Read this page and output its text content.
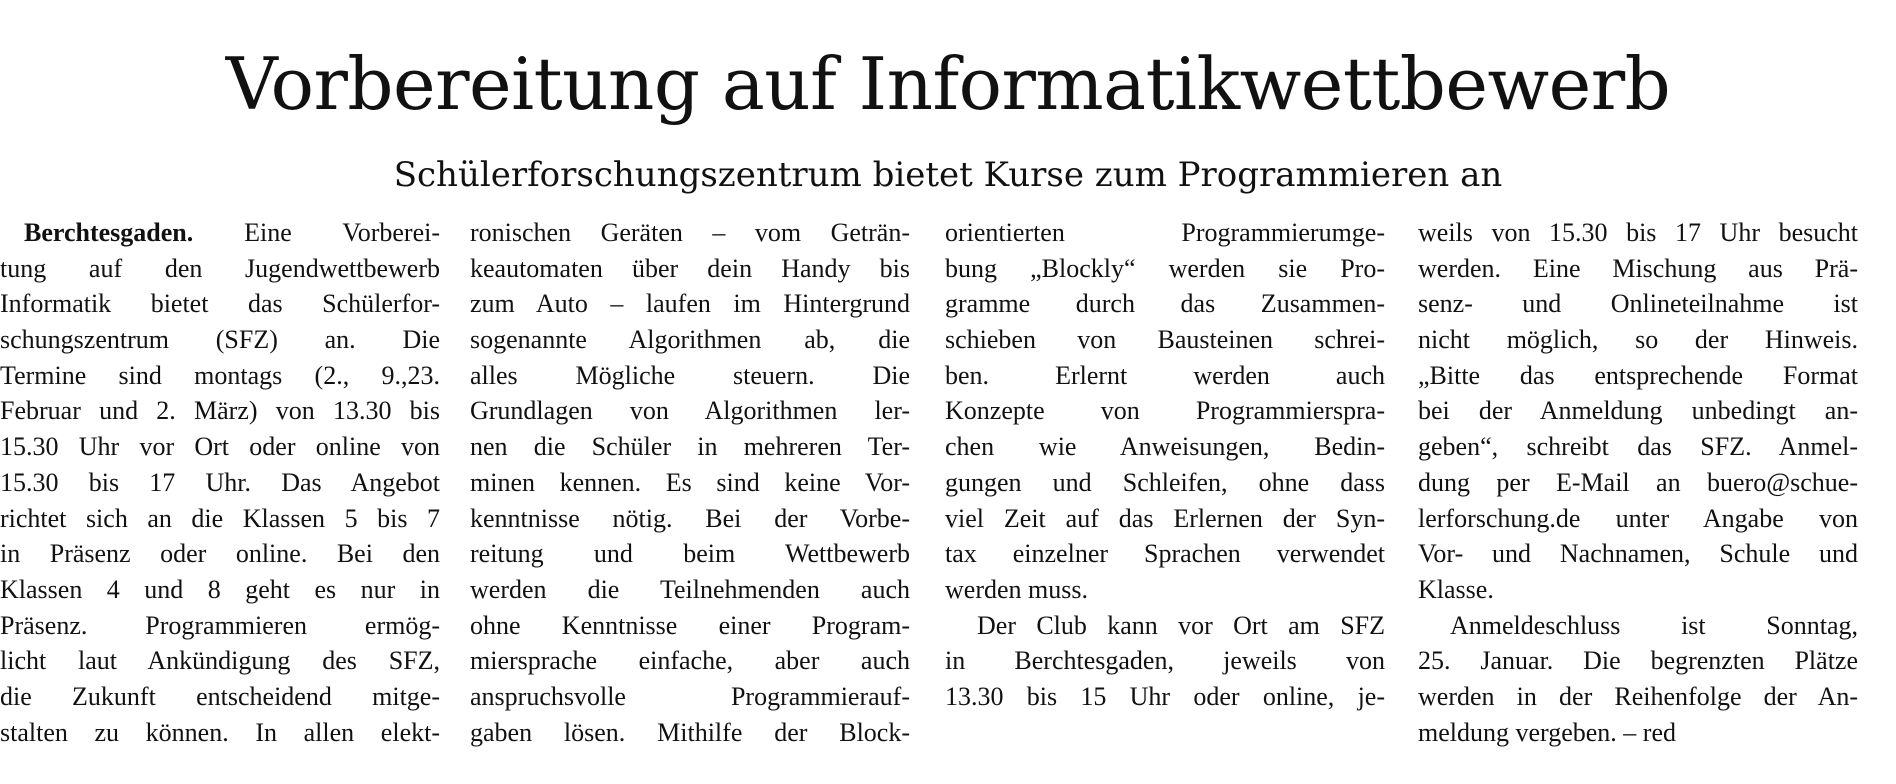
Vorbereitung auf Informatikwettbewerb
Schülerforschungszentrum bietet Kurse zum Programmieren an
Berchtesgaden. Eine Vorberei-
tung auf den Jugendwettbewerb
Informatik bietet das Schülerfor-
schungszentrum (SFZ) an. Die
Termine sind montags (2., 9.,23.
Februar und 2. März) von 13.30 bis
15.30 Uhr vor Ort oder online von
15.30 bis 17 Uhr. Das Angebot
richtet sich an die Klassen 5 bis 7
in Präsenz oder online. Bei den
Klassen 4 und 8 geht es nur in
Präsenz. Programmieren ermög-
licht laut Ankündigung des SFZ,
die Zukunft entscheidend mitge-
stalten zu können. In allen elekt-
ronischen Geräten – vom Geträn-
keautomaten über dein Handy bis
zum Auto – laufen im Hintergrund
sogenannte Algorithmen ab, die
alles Mögliche steuern. Die
Grundlagen von Algorithmen ler-
nen die Schüler in mehreren Ter-
minen kennen. Es sind keine Vor-
kenntnisse nötig. Bei der Vorbe-
reitung und beim Wettbewerb
werden die Teilnehmenden auch
ohne Kenntnisse einer Program-
miersprache einfache, aber auch
anspruchsvolle Programmierauf-
gaben lösen. Mithilfe der Block-
orientierten Programmierumge-
bung „Blockly“ werden sie Pro-
gramme durch das Zusammen-
schieben von Bausteinen schrei-
ben. Erlernt werden auch
Konzepte von Programmierspra-
chen wie Anweisungen, Bedin-
gungen und Schleifen, ohne dass
viel Zeit auf das Erlernen der Syn-
tax einzelner Sprachen verwendet
werden muss.
Der Club kann vor Ort am SFZ
in Berchtesgaden, jeweils von
13.30 bis 15 Uhr oder online, je-
weils von 15.30 bis 17 Uhr besucht
werden. Eine Mischung aus Prä-
senz- und Onlineteilnahme ist
nicht möglich, so der Hinweis.
„Bitte das entsprechende Format
bei der Anmeldung unbedingt an-
geben“, schreibt das SFZ. Anmel-
dung per E-Mail an buero@schue-
lerforschung.de unter Angabe von
Vor- und Nachnamen, Schule und
Klasse.
Anmeldeschluss ist Sonntag,
25. Januar. Die begrenzten Plätze
werden in der Reihenfolge der An-
meldung vergeben. – red
